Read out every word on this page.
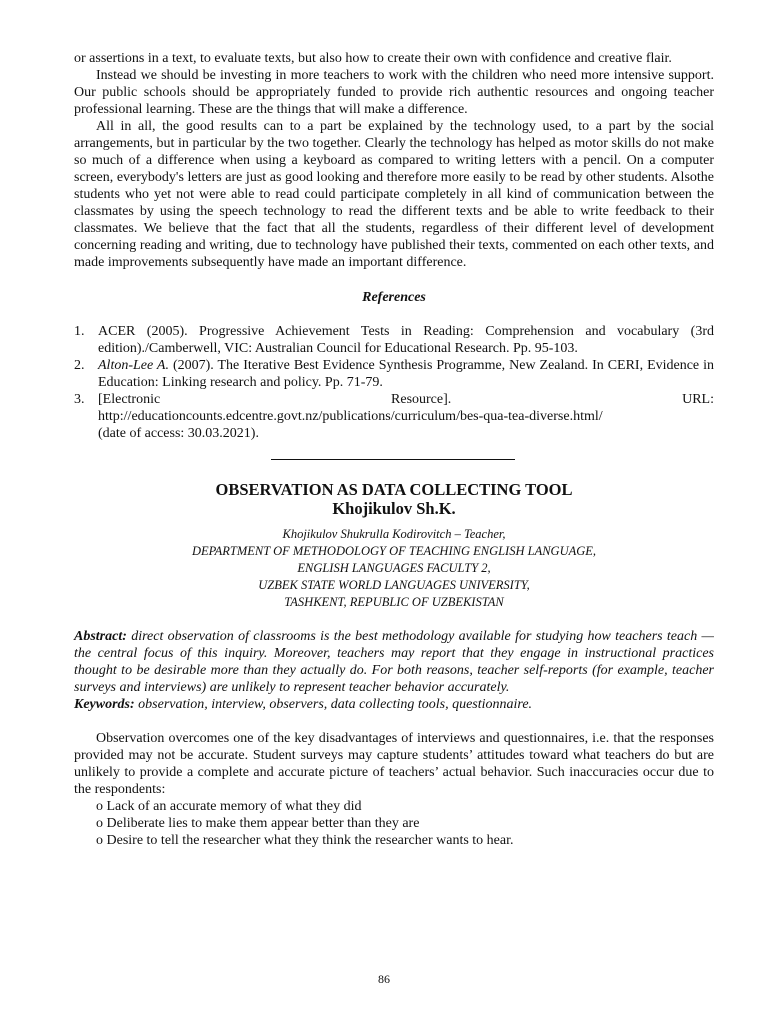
or assertions in a text, to evaluate texts, but also how to create their own with confidence and creative flair.

Instead we should be investing in more teachers to work with the children who need more intensive support. Our public schools should be appropriately funded to provide rich authentic resources and ongoing teacher professional learning. These are the things that will make a difference.

All in all, the good results can to a part be explained by the technology used, to a part by the social arrangements, but in particular by the two together. Clearly the technology has helped as motor skills do not make so much of a difference when using a keyboard as compared to writing letters with a pencil. On a computer screen, everybody's letters are just as good looking and therefore more easily to be read by other students. Alsothe students who yet not were able to read could participate completely in all kind of communication between the classmates by using the speech technology to read the different texts and be able to write feedback to their classmates. We believe that the fact that all the students, regardless of their different level of development concerning reading and writing, due to technology have published their texts, commented on each other texts, and made improvements subsequently have made an important difference.

References
1. ACER (2005). Progressive Achievement Tests in Reading: Comprehension and vocabulary (3rd edition)./Camberwell, VIC: Australian Council for Educational Research. Pp. 95-103.
2. Alton-Lee A. (2007). The Iterative Best Evidence Synthesis Programme, New Zealand. In CERI, Evidence in Education: Linking research and policy. Pp. 71-79.
3. [Electronic	Resource].	URL:
http://educationcounts.edcentre.govt.nz/publications/curriculum/bes-qua-tea-diverse.html/
(date of access: 30.03.2021).
OBSERVATION AS DATA COLLECTING TOOL
Khojikulov Sh.K.
Khojikulov Shukrulla Kodirovitch – Teacher,
DEPARTMENT OF METHODOLOGY OF TEACHING ENGLISH LANGUAGE,
ENGLISH LANGUAGES FACULTY 2,
UZBEK STATE WORLD LANGUAGES UNIVERSITY,
TASHKENT, REPUBLIC OF UZBEKISTAN

Abstract: direct observation of classrooms is the best methodology available for studying how teachers teach — the central focus of this inquiry. Moreover, teachers may report that they engage in instructional practices thought to be desirable more than they actually do. For both reasons, teacher self-reports (for example, teacher surveys and interviews) are unlikely to represent teacher behavior accurately.

Keywords: observation, interview, observers, data collecting tools, questionnaire.

Observation overcomes one of the key disadvantages of interviews and questionnaires, i.e. that the responses provided may not be accurate. Student surveys may capture students’ attitudes toward what teachers do but are unlikely to provide a complete and accurate picture of teachers’ actual behavior. Such inaccuracies occur due to the respondents:

o Lack of an accurate memory of what they did
o Deliberate lies to make them appear better than they are
o Desire to tell the researcher what they think the researcher wants to hear.
86
